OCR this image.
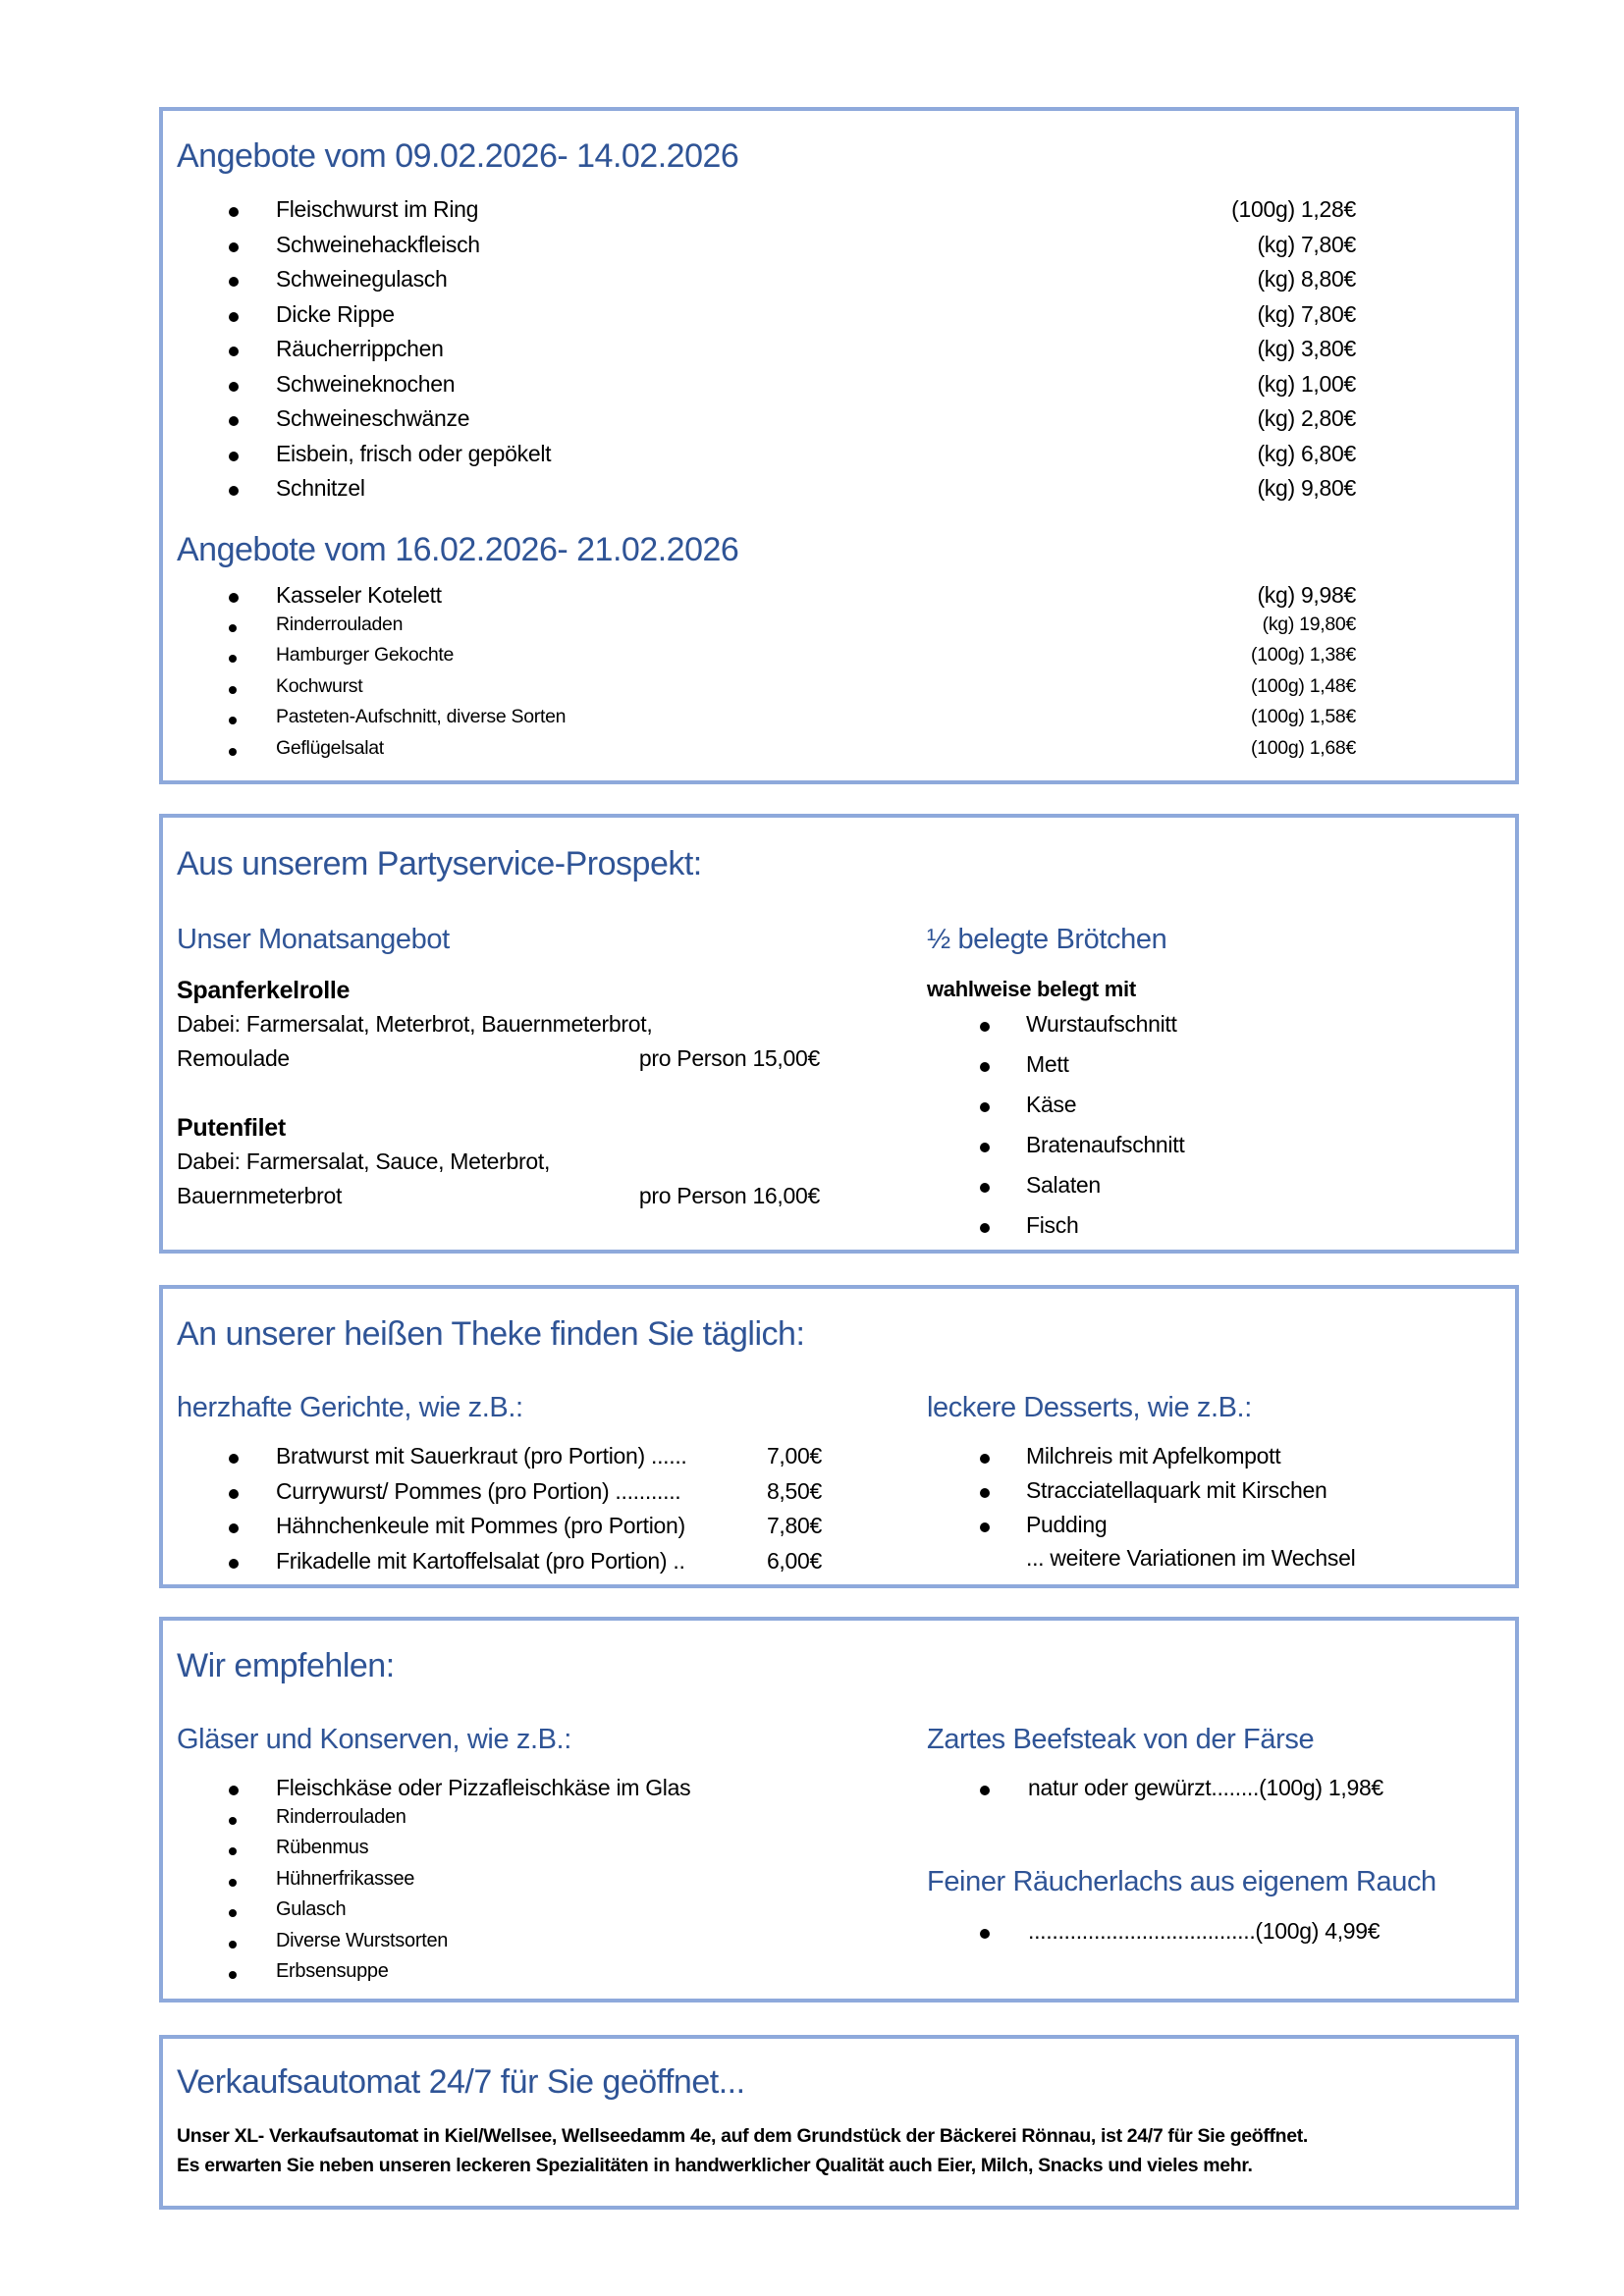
Angebote vom 09.02.2026- 14.02.2026
Fleischwurst im Ring	(100g) 1,28€
Schweinehackfleisch	(kg) 7,80€
Schweinegulasch	(kg) 8,80€
Dicke Rippe	(kg) 7,80€
Räucherrippchen	(kg) 3,80€
Schweineknochen	(kg) 1,00€
Schweineschwänze	(kg) 2,80€
Eisbein, frisch oder gepökelt	(kg) 6,80€
Schnitzel	(kg) 9,80€
Angebote vom 16.02.2026- 21.02.2026
Kasseler Kotelett	(kg) 9,98€
Rinderrouladen	(kg) 19,80€
Hamburger Gekochte	(100g) 1,38€
Kochwurst	(100g) 1,48€
Pasteten-Aufschnitt, diverse Sorten	(100g) 1,58€
Geflügelsalat	(100g) 1,68€
Aus unserem Partyservice-Prospekt:
Unser Monatsangebot
Spanferkelrolle
Dabei: Farmersalat, Meterbrot, Bauernmeterbrot,
Remoulade	pro Person 15,00€
Putenfilet
Dabei: Farmersalat, Sauce, Meterbrot,
Bauernmeterbrot	pro Person 16,00€
½ belegte Brötchen
wahlweise belegt mit
Wurstaufschnitt
Mett
Käse
Bratenaufschnitt
Salaten
Fisch
An unserer heißen Theke finden Sie täglich:
herzhafte Gerichte, wie z.B.:
Bratwurst mit Sauerkraut (pro Portion) ......	7,00€
Currywurst/ Pommes (pro Portion) ...........	8,50€
Hähnchenkeule mit Pommes (pro Portion)	7,80€
Frikadelle mit Kartoffelsalat (pro Portion) ..	6,00€
leckere Desserts, wie z.B.:
Milchreis mit Apfelkompott
Stracciatellaquark mit Kirschen
Pudding
... weitere Variationen im Wechsel
Wir empfehlen:
Gläser und Konserven, wie z.B.:
Fleischkäse oder Pizzafleischkäse im Glas
Rinderrouladen
Rübenmus
Hühnerfrikassee
Gulasch
Diverse Wurstsorten
Erbsensuppe
Zartes Beefsteak von der Färse
natur oder gewürzt........(100g) 1,98€
Feiner Räucherlachs aus eigenem Rauch
......................................(100g) 4,99€
Verkaufsautomat 24/7 für Sie geöffnet...
Unser XL- Verkaufsautomat in Kiel/Wellsee, Wellseedamm 4e, auf dem Grundstück der Bäckerei Rönnau, ist 24/7 für Sie geöffnet.
Es erwarten Sie neben unseren leckeren Spezialitäten in handwerklicher Qualität auch Eier, Milch, Snacks und vieles mehr.
